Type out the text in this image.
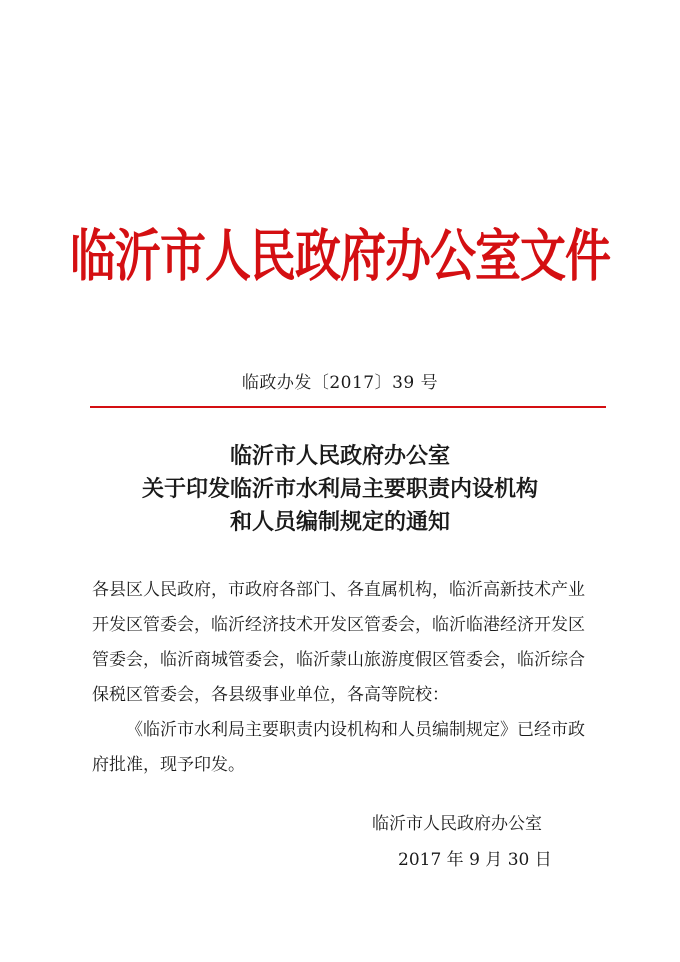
临沂市人民政府办公室文件
临政办发〔2017〕39 号
临沂市人民政府办公室
关于印发临沂市水利局主要职责内设机构
和人员编制规定的通知

各县区人民政府，市政府各部门、各直属机构，临沂高新技术产业开发区管委会，临沂经济技术开发区管委会，临沂临港经济开发区管委会，临沂商城管委会，临沂蒙山旅游度假区管委会，临沂综合保税区管委会，各县级事业单位，各高等院校：

《临沂市水利局主要职责内设机构和人员编制规定》已经市政府批准，现予印发。

临沂市人民政府办公室
2017 年 9 月 30 日
